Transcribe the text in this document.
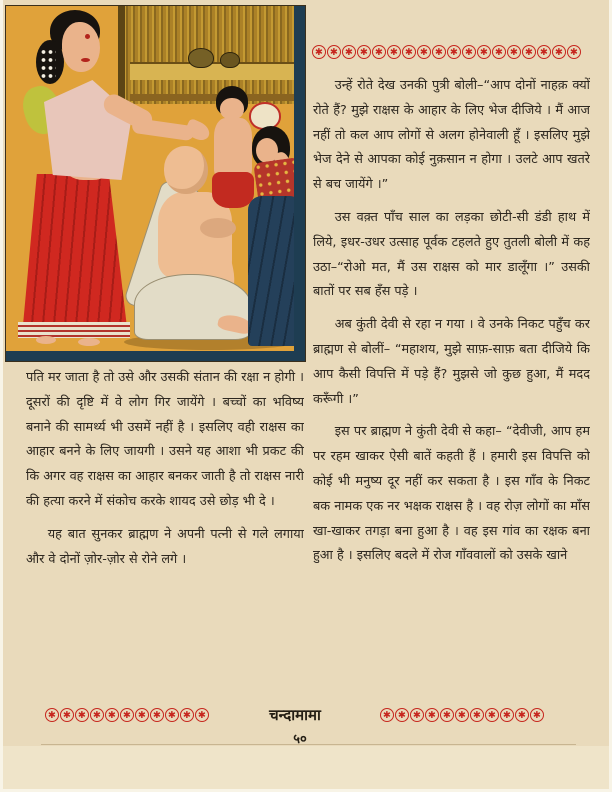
✱ ✱ ✱ ✱ ✱ ✱ ✱ ✱ ✱ ✱ ✱ ✱ ✱ ✱ ✱ ✱ ✱ ✱

उन्हें रोते देख उनकी पुत्री बोली–“आप दोनों नाहक़ क्यों रोते हैं? मुझे राक्षस के आहार के लिए भेज दीजिये । मैं आज नहीं तो कल आप लोगों से अलग होनेवाली हूँ । इसलिए मुझे भेज देने से आपका कोई नुक़सान न होगा । उलटे आप खतरे से बच जायेंगे ।”

उस वक़्त पाँच साल का लड़का छोटी-सी डंडी हाथ में लिये, इधर-उधर उत्साह पूर्वक टहलते हुए तुतली बोली में कह उठा–“रोओ मत, मैं उस राक्षस को मार डालूँगा ।” उसकी बातों पर सब हँस पड़े ।

अब कुंती देवी से रहा न गया । वे उनके निकट पहुँच कर ब्राह्मण से बोलीं– “महाशय, मुझे साफ़-साफ़ बता दीजिये कि आप कैसी विपत्ति में पड़े हैं? मुझसे जो कुछ हुआ, मैं मदद करूँगी ।”

इस पर ब्राह्मण ने कुंती देवी से कहा– “देवीजी, आप हम पर रहम खाकर ऐसी बातें कहती हैं । हमारी इस विपत्ति को कोई भी मनुष्य दूर नहीं कर सकता है । इस गाँव के निकट बक नामक एक नर भक्षक राक्षस है । वह रोज़ लोगों का माँस खा-खाकर तगड़ा बना हुआ है । वह इस गांव का रक्षक बना हुआ है । इसलिए बदले में रोज गाँववालों को उसके खाने

पति मर जाता है तो उसे और उसकी संतान की रक्षा न होगी । दूसरों की दृष्टि में वे लोग गिर जायेंगे । बच्चों का भविष्य बनाने की सामर्थ्य भी उसमें नहीं है । इसलिए वही राक्षस का आहार बनने के लिए जायगी । उसने यह आशा भी प्रकट की कि अगर वह राक्षस का आहार बनकर जाती है तो राक्षस नारी की हत्या करने में संकोच करके शायद उसे छोड़ भी दे ।

यह बात सुनकर ब्राह्मण ने अपनी पत्नी से गले लगाया और वे दोनों ज़ोर-ज़ोर से रोने लगे ।

✱ ✱ ✱ ✱ ✱ ✱ ✱ ✱ ✱ ✱ ✱	चन्दामामा	✱ ✱ ✱ ✱ ✱ ✱ ✱ ✱ ✱ ✱ ✱
५०
